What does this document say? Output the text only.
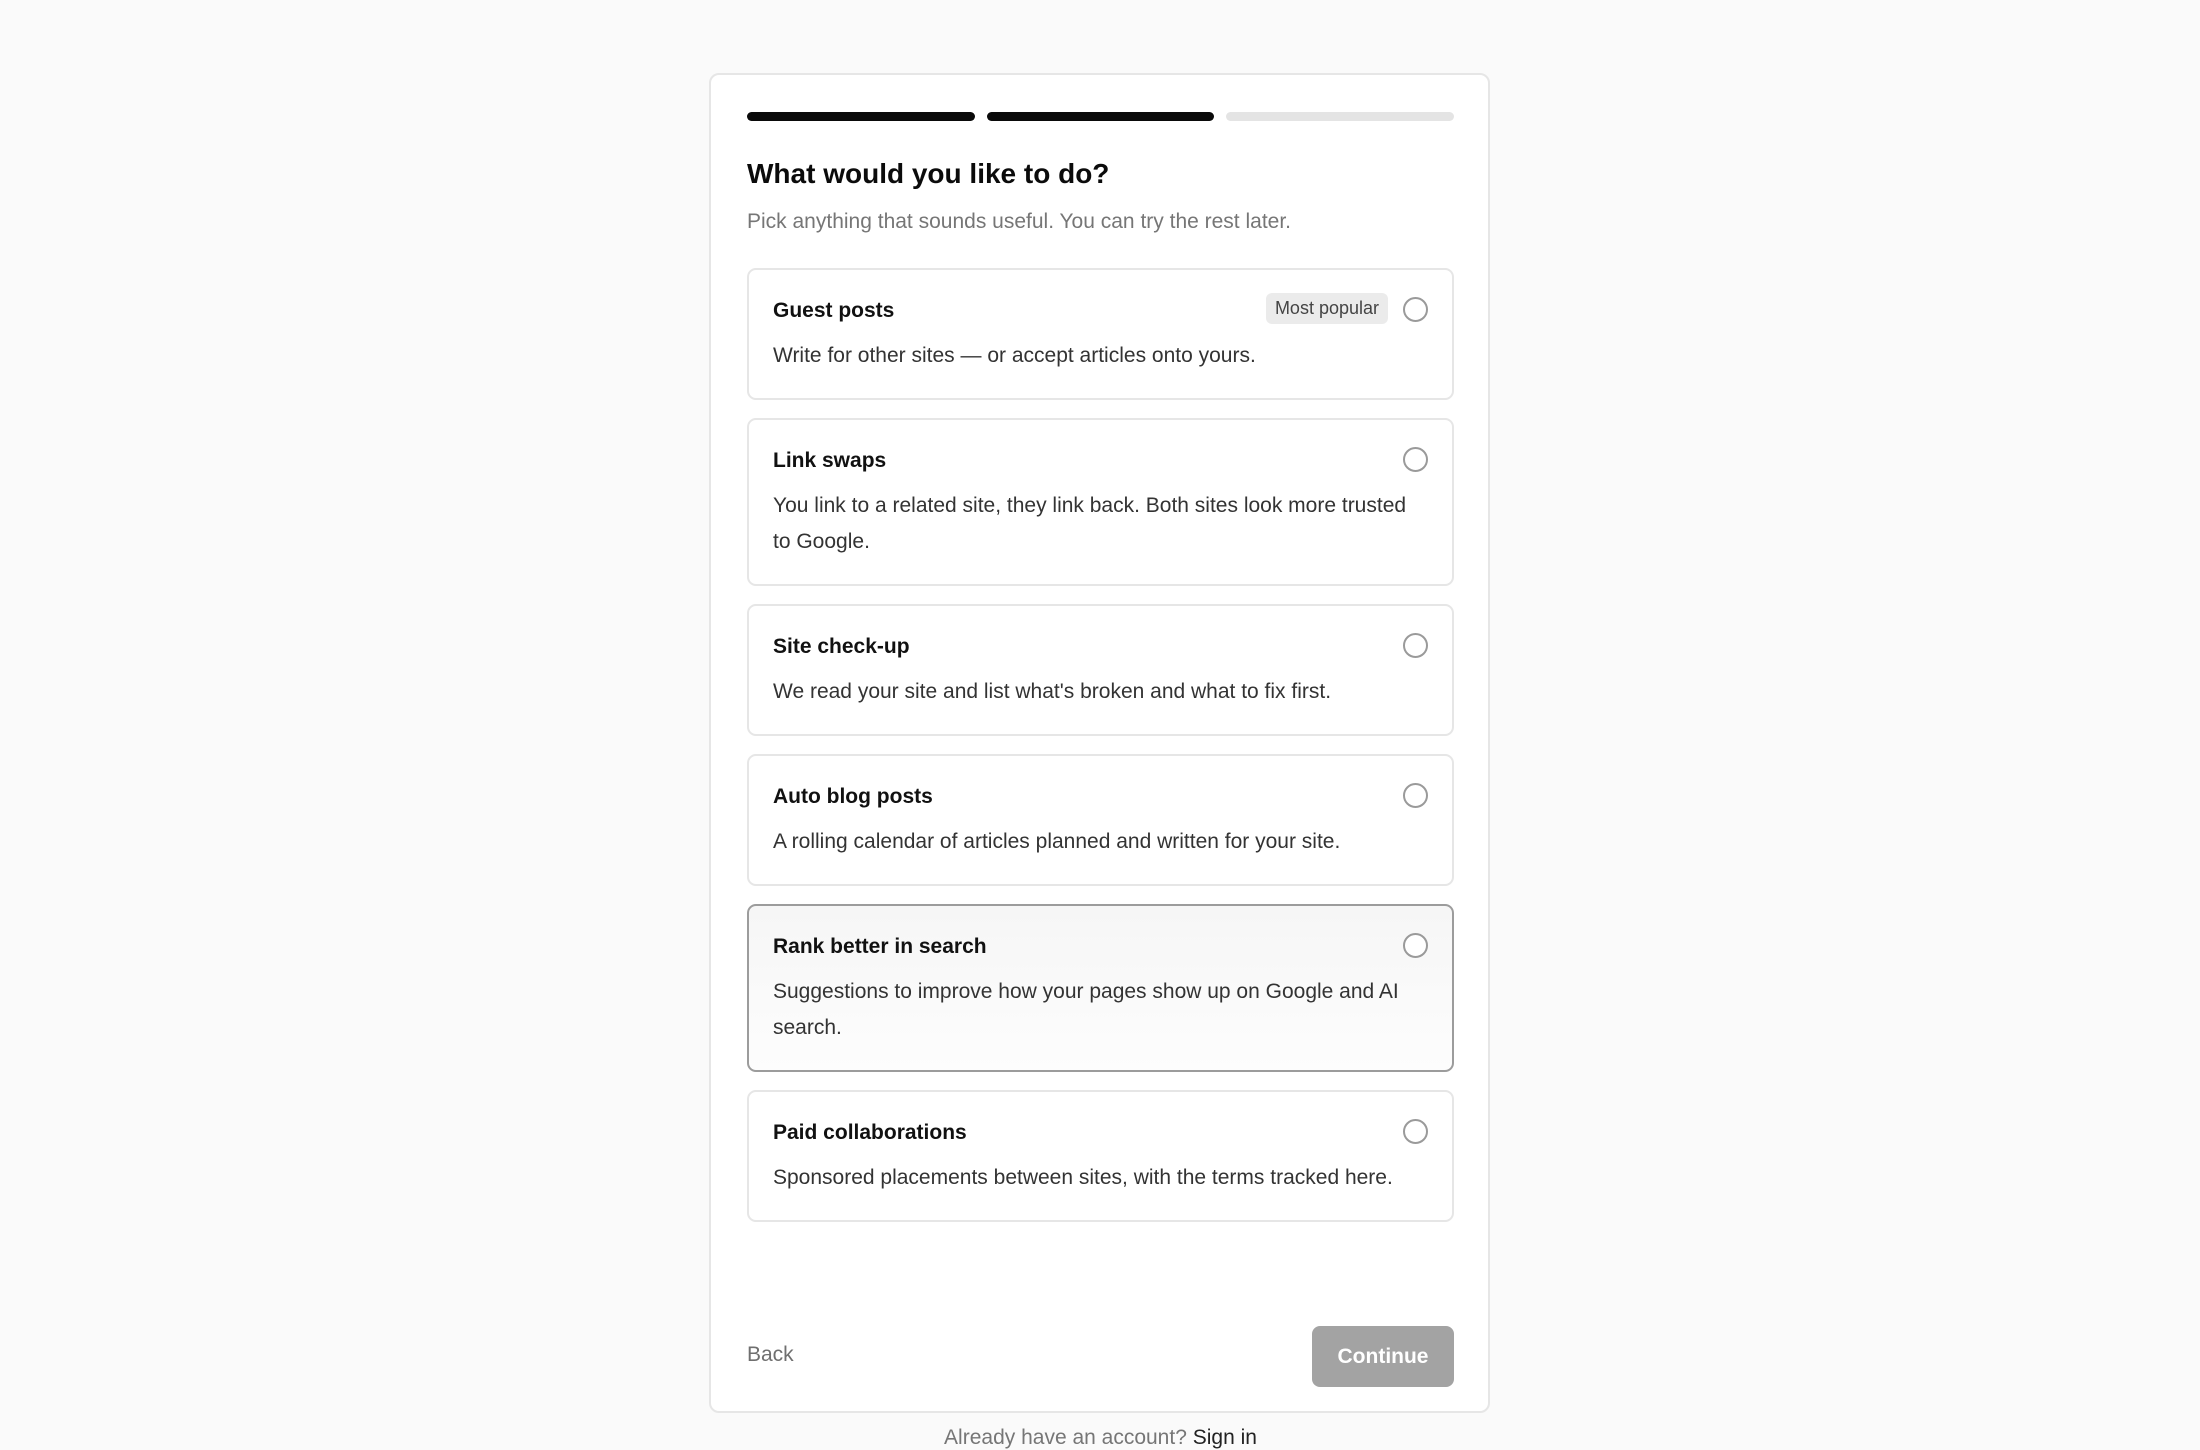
What would you like to do?
Pick anything that sounds useful. You can try the rest later.
Guest posts	Most popular
Write for other sites — or accept articles onto yours.
Link swaps
You link to a related site, they link back. Both sites look more trusted to Google.
Site check-up
We read your site and list what's broken and what to fix first.
Auto blog posts
A rolling calendar of articles planned and written for your site.
Rank better in search
Suggestions to improve how your pages show up on Google and AI search.
Paid collaborations
Sponsored placements between sites, with the terms tracked here.
Back	Continue
Already have an account? Sign in
